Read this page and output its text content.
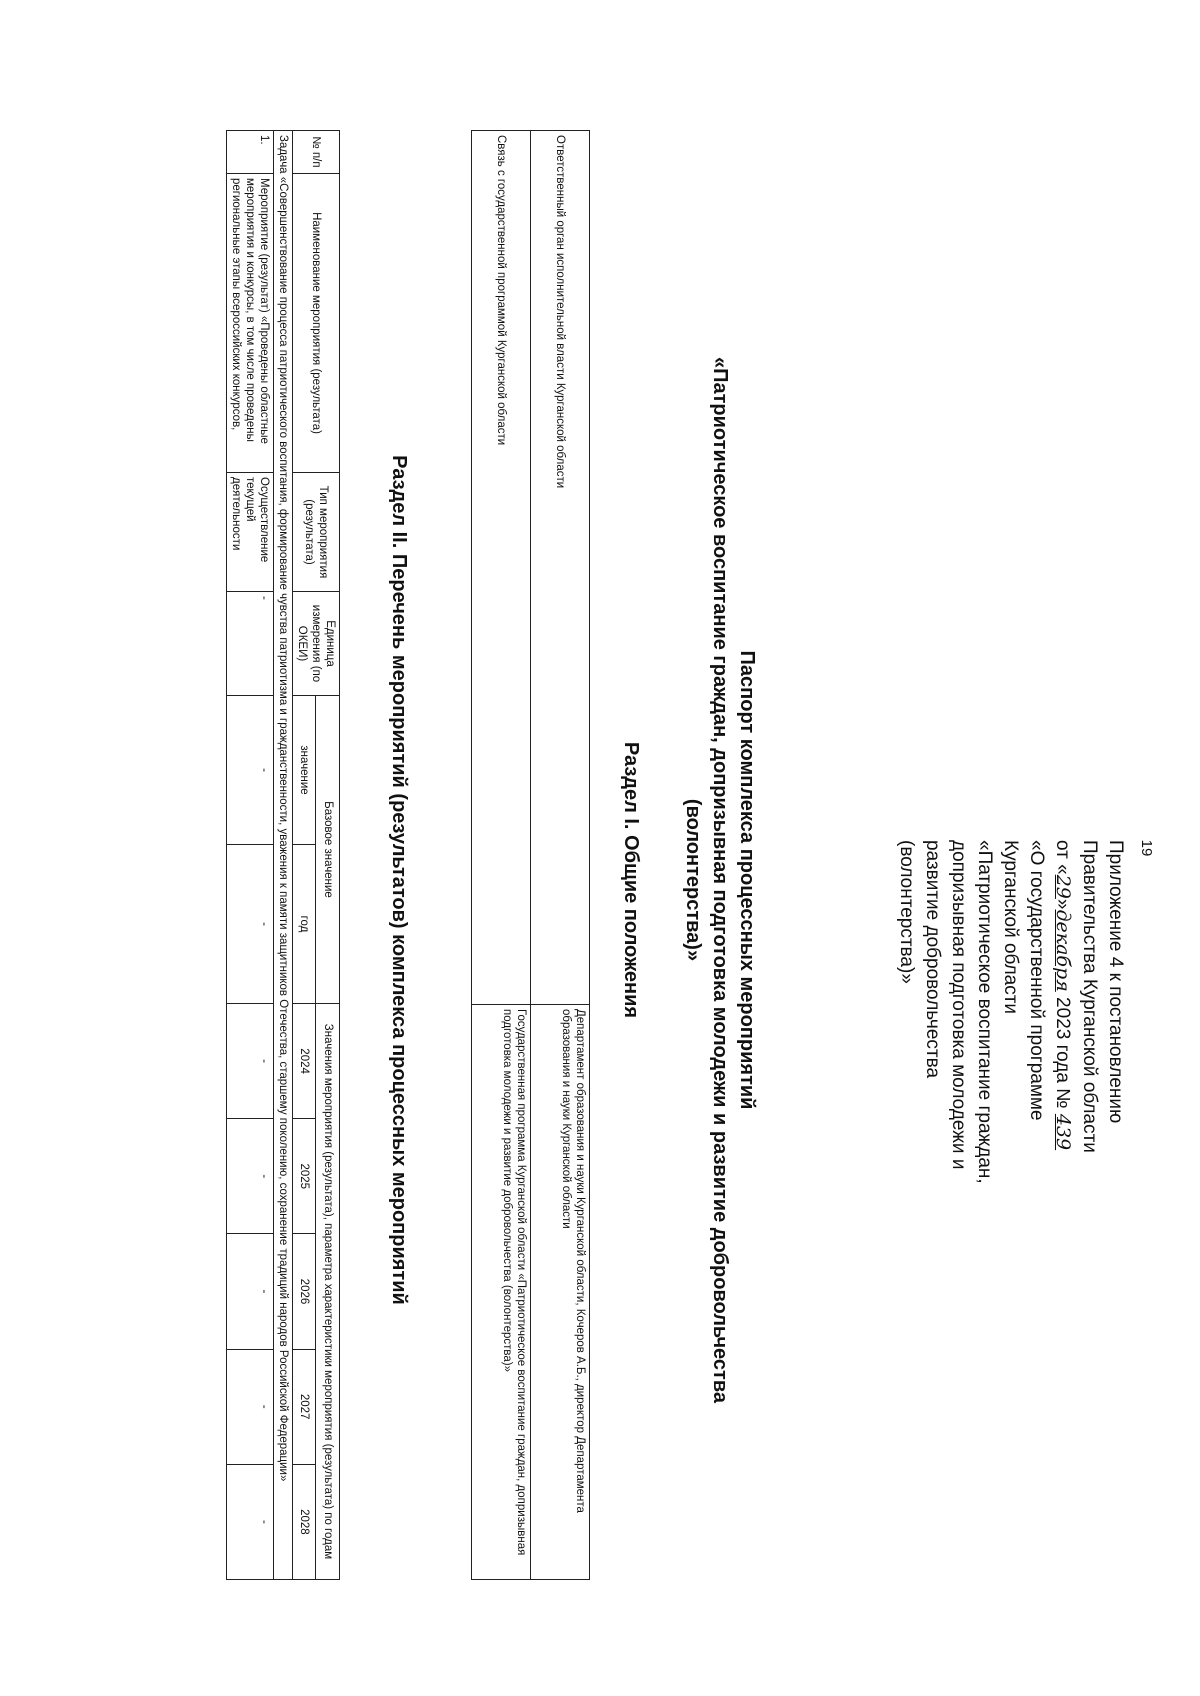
19
Приложение 4 к постановлению
Правительства Курганской области
от «29»декабря 2023 года № 439
«О государственной программе
Курганской области
«Патриотическое воспитание граждан,
допризывная подготовка молодежи и
развитие добровольчества
(волонтерства)»
Паспорт комплекса процессных мероприятий
«Патриотическое воспитание граждан, допризывная подготовка молодежи и развитие добровольчества
(волонтерства)»
Раздел I. Общие положения
Ответственный орган исполнительной власти Курганской области	Департамент образования и науки Курганской области, Кочеров А.Б., директор Департамента образования и науки Курганской области
Связь с государственной программой Курганской области	Государственная программа Курганской области «Патриотическое воспитание граждан, допризывная подготовка молодежи и развитие добровольчества (волонтерства)»
Раздел II. Перечень мероприятий (результатов) комплекса процессных мероприятий
№ п/п	Наименование мероприятия (результата)	Тип мероприятия (результата)	Единица измерения (по ОКЕИ)	Базовое значение		Значения мероприятия (результата), параметра характеристики мероприятия (результата) по годам				
				значение	год	2024	2025	2026	2027	2028
Задача «Совершенствование процесса патриотического воспитания, формирование чувства патриотизма и гражданственности, уважения к памяти защитников Отечества, старшему поколению, сохранение традиций народов Российской Федерации»										
1.	Мероприятие (результат) «Проведены областные мероприятия и конкурсы, в том числе проведены региональные этапы всероссийских конкурсов,	Осуществление текущей деятельности	-	-	-	-	-	-	-	-
